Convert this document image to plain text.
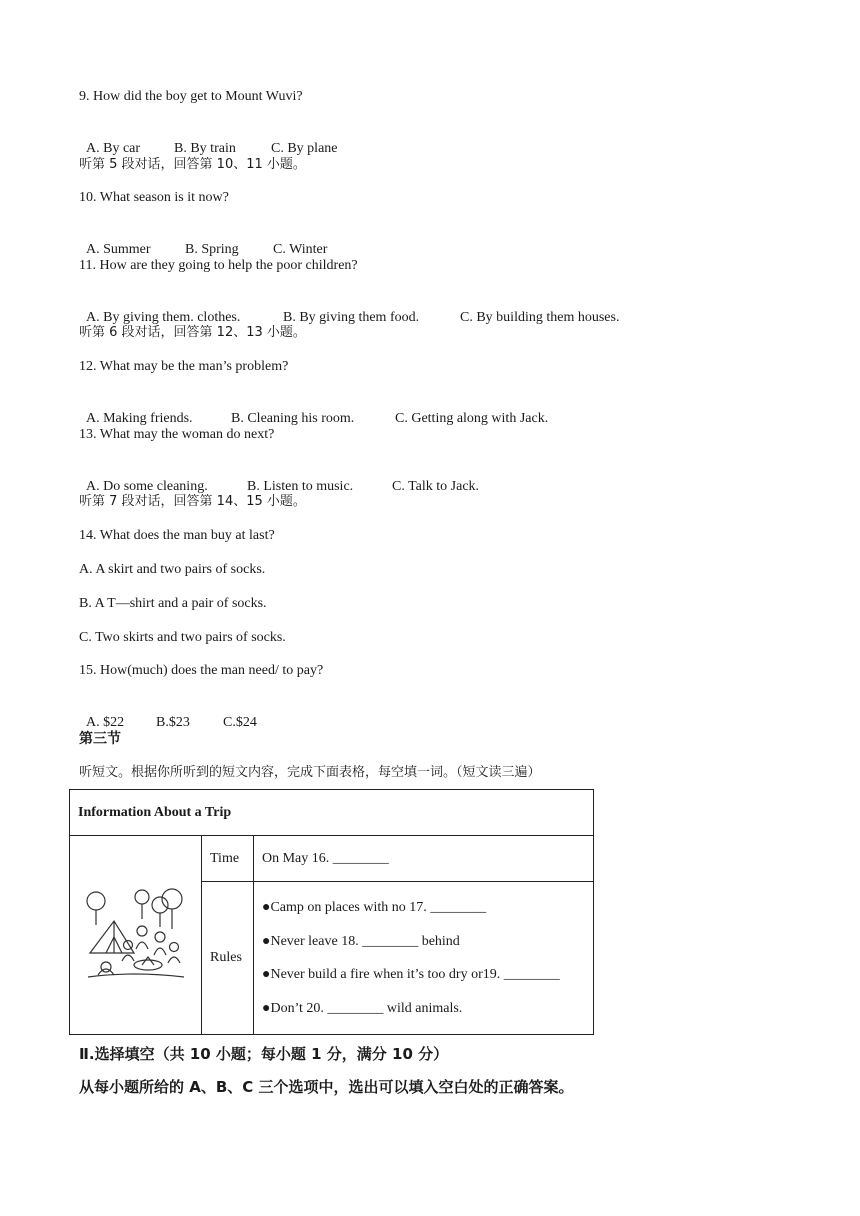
9. How did the boy get to Mount Wuvi?

A. By car B. By train	C. By plane

听第 5 段对话，回答第 10、11 小题。
10. What season is it now?

A. Summer B. Spring C. Winter

11. How are they going to help the poor children?

A. By giving them. clothes.	B. By giving them food.	C. By building them houses.

听第 6 段对话，回答第 12、13 小题。
12. What may be the man’s problem?

A. Making friends.	B. Cleaning his room.	C. Getting along with Jack.

13. What may the woman do next?

A. Do some cleaning.	B. Listen to music.	C. Talk to Jack.

听第 7 段对话，回答第 14、15 小题。
14. What does the man buy at last?
A. A skirt and two pairs of socks.
B. A T—shirt and a pair of socks.
C. Two skirts and two pairs of socks.
15. How(much) does the man need/ to pay?

A. $22 B.$23 C.$24

第三节
听短文。根据你所听到的短文内容，完成下面表格，每空填一词。（短文读三遍）
Information About a Trip		
	Time	On May 16. ________
	Rules	●Camp on places with no 17. ________
●Never leave 18. ________ behind
●Never build a fire when it’s too dry or19. ________
●Don’t 20. ________ wild animals.
Ⅱ.选择填空（共 10 小题；每小题 1 分，满分 10 分）
从每小题所给的 A、B、C 三个选项中，选出可以填入空白处的正确答案。
